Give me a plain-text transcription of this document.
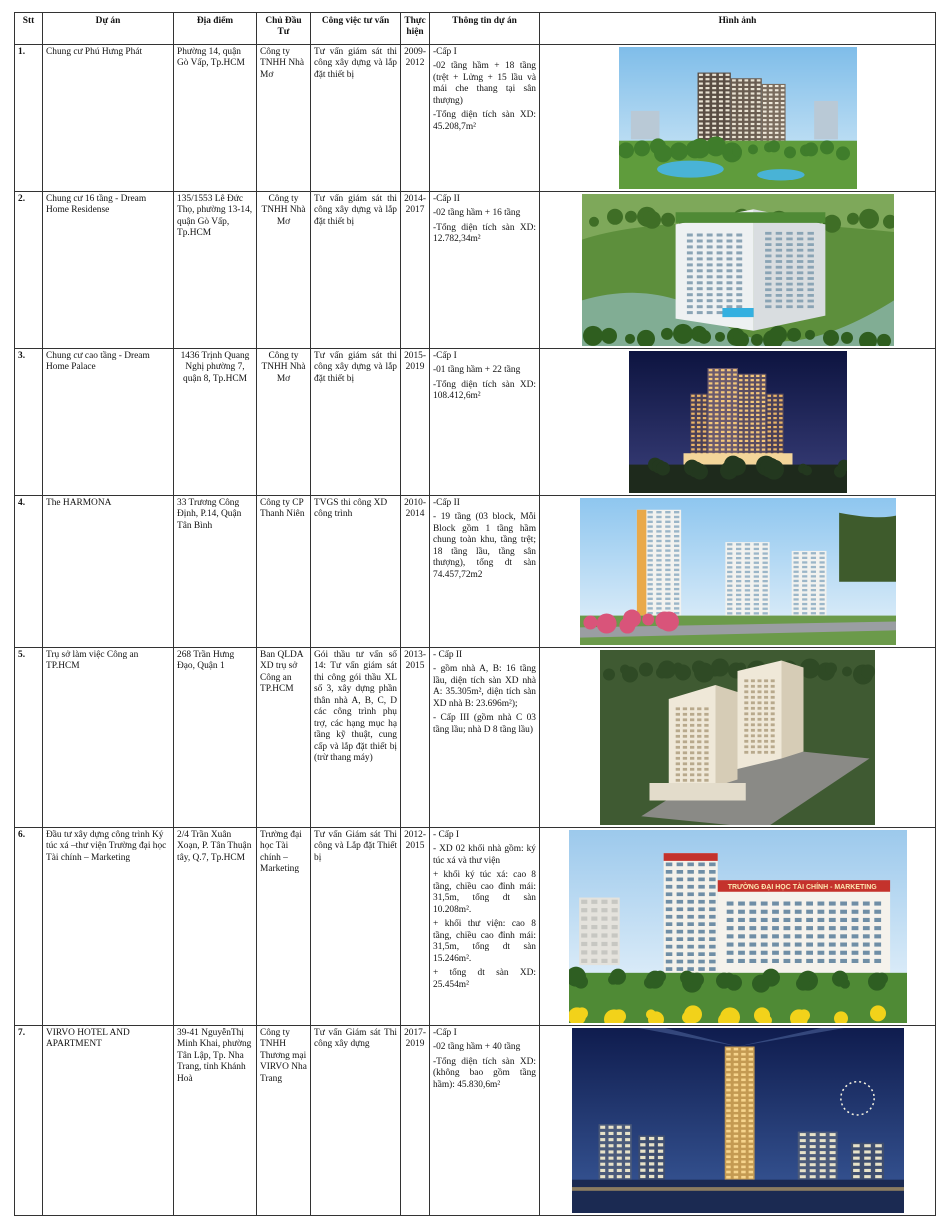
Stt	Dự án	Địa điểm	Chủ Đầu Tư	Công việc tư vấn	Thực hiện	Thông tin dự án	Hình ảnh
1.	Chung cư Phú Hưng Phát	Phường 14, quận Gò Vấp, Tp.HCM	Công ty TNHH Nhà Mơ	Tư vấn giám sát thi công xây dựng và lắp đặt thiết bị	2009-2012	-Cấp I

-02 tầng hầm + 18 tầng (trệt + Lửng + 15 lầu và mái che thang tại sân thượng)

-Tổng diện tích sàn XD: 45.208,7m²

2.	Chung cư 16 tầng - Dream Home Residense	135/1553 Lê Đức Thọ, phường 13-14, quận Gò Vấp, Tp.HCM	Công ty TNHH Nhà Mơ	Tư vấn giám sát thi công xây dựng và lắp đặt thiết bị	2014-2017	-Cấp II

-02 tầng hầm + 16 tầng

-Tổng diện tích sàn XD: 12.782,34m²

3.	Chung cư cao tầng - Dream Home Palace	1436 Trịnh Quang Nghị phường 7, quận 8, Tp.HCM	Công ty TNHH Nhà Mơ	Tư vấn giám sát thi công xây dựng và lắp đặt thiết bị	2015-2019	-Cấp I

-01 tầng hầm + 22 tầng

-Tổng diện tích sàn XD: 108.412,6m²

4.	The HARMONA	33 Trương Công Định, P.14, Quận Tân Bình	Công ty CP Thanh Niên	TVGS thi công XD công trình	2010-2014	-Cấp II

- 19 tầng (03 block, Mỗi Block gồm 1 tầng hầm chung toàn khu, tầng trệt; 18 tầng lầu, tầng sân thượng), tổng dt sàn 74.457,72m2

5.	Trụ sở làm việc Công an TP.HCM	268 Trần Hưng Đạo, Quận 1	Ban QLDA XD trụ sở Công an TP.HCM	Gói thầu tư vấn số 14: Tư vấn giám sát thi công gói thầu XL số 3, xây dựng phần thân nhà A, B, C, D các công trình phụ trợ, các hạng mục hạ tầng kỹ thuật, cung cấp và lắp đặt thiết bị (trừ thang máy)	2013-2015	- Cấp II

- gồm nhà A, B: 16 tầng lầu, diện tích sàn XD nhà A: 35.305m², diện tích sàn XD nhà B: 23.696m²);

- Cấp III (gồm nhà C 03 tầng lầu; nhà D 8 tầng lầu)

6.	Đầu tư xây dựng công trình Ký túc xá –thư viện Trường đại học Tài chính – Marketing	2/4 Trần Xuân Xoạn, P. Tân Thuận tây, Q.7, Tp.HCM	Trường đại học Tài chính – Marketing	Tư vấn Giám sát Thi công và Lắp đặt Thiết bị	2012-2015	- Cấp I

- XD 02 khối nhà gồm: ký túc xá và thư viện

+ khối ký túc xá: cao 8 tầng, chiều cao đỉnh mái: 31,5m, tổng dt sàn 10.208m².

+ khối thư viện: cao 8 tầng, chiều cao đỉnh mái: 31,5m, tổng dt sàn 15.246m².

+ tổng dt sàn XD: 25.454m²	TRƯỜNG ĐẠI HỌC TÀI CHÍNH - MARKETING

7.	VIRVO HOTEL AND APARTMENT	39-41 NguyễnThị Minh Khai, phường Tân Lập, Tp. Nha Trang, tỉnh Khánh Hoà	Công ty TNHH Thương mại VIRVO Nha Trang	Tư vấn Giám sát Thi công xây dựng	2017-2019	-Cấp I

-02 tầng hầm + 40 tầng

-Tổng diện tích sàn XD: (không bao gồm tầng hầm): 45.830,6m²
